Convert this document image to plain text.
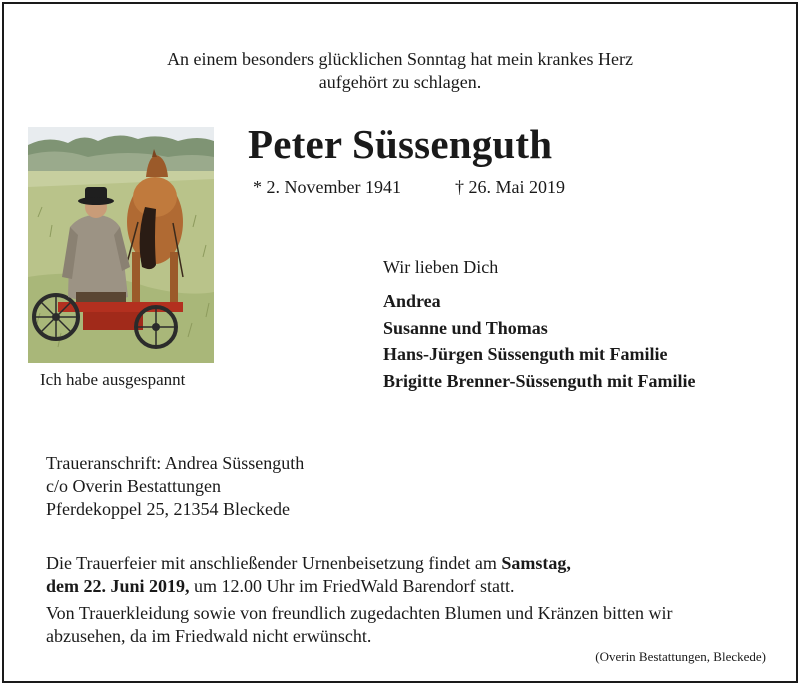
An einem besonders glücklichen Sonntag hat mein krankes Herz
aufgehört zu schlagen.
Peter Süssenguth
* 2. November 1941	† 26. Mai 2019
Ich habe ausgespannt
Wir lieben Dich
Andrea
Susanne und Thomas
Hans-Jürgen Süssenguth mit Familie
Brigitte Brenner-Süssenguth mit Familie
Traueranschrift: Andrea Süssenguth
c/o Overin Bestattungen
Pferdekoppel 25, 21354 Bleckede
Die Trauerfeier mit anschließender Urnenbeisetzung findet am Samstag,
dem 22. Juni 2019, um 12.00 Uhr im FriedWald Barendorf statt.
Von Trauerkleidung sowie von freundlich zugedachten Blumen und Kränzen bitten wir
abzusehen, da im Friedwald nicht erwünscht.
(Overin Bestattungen, Bleckede)
